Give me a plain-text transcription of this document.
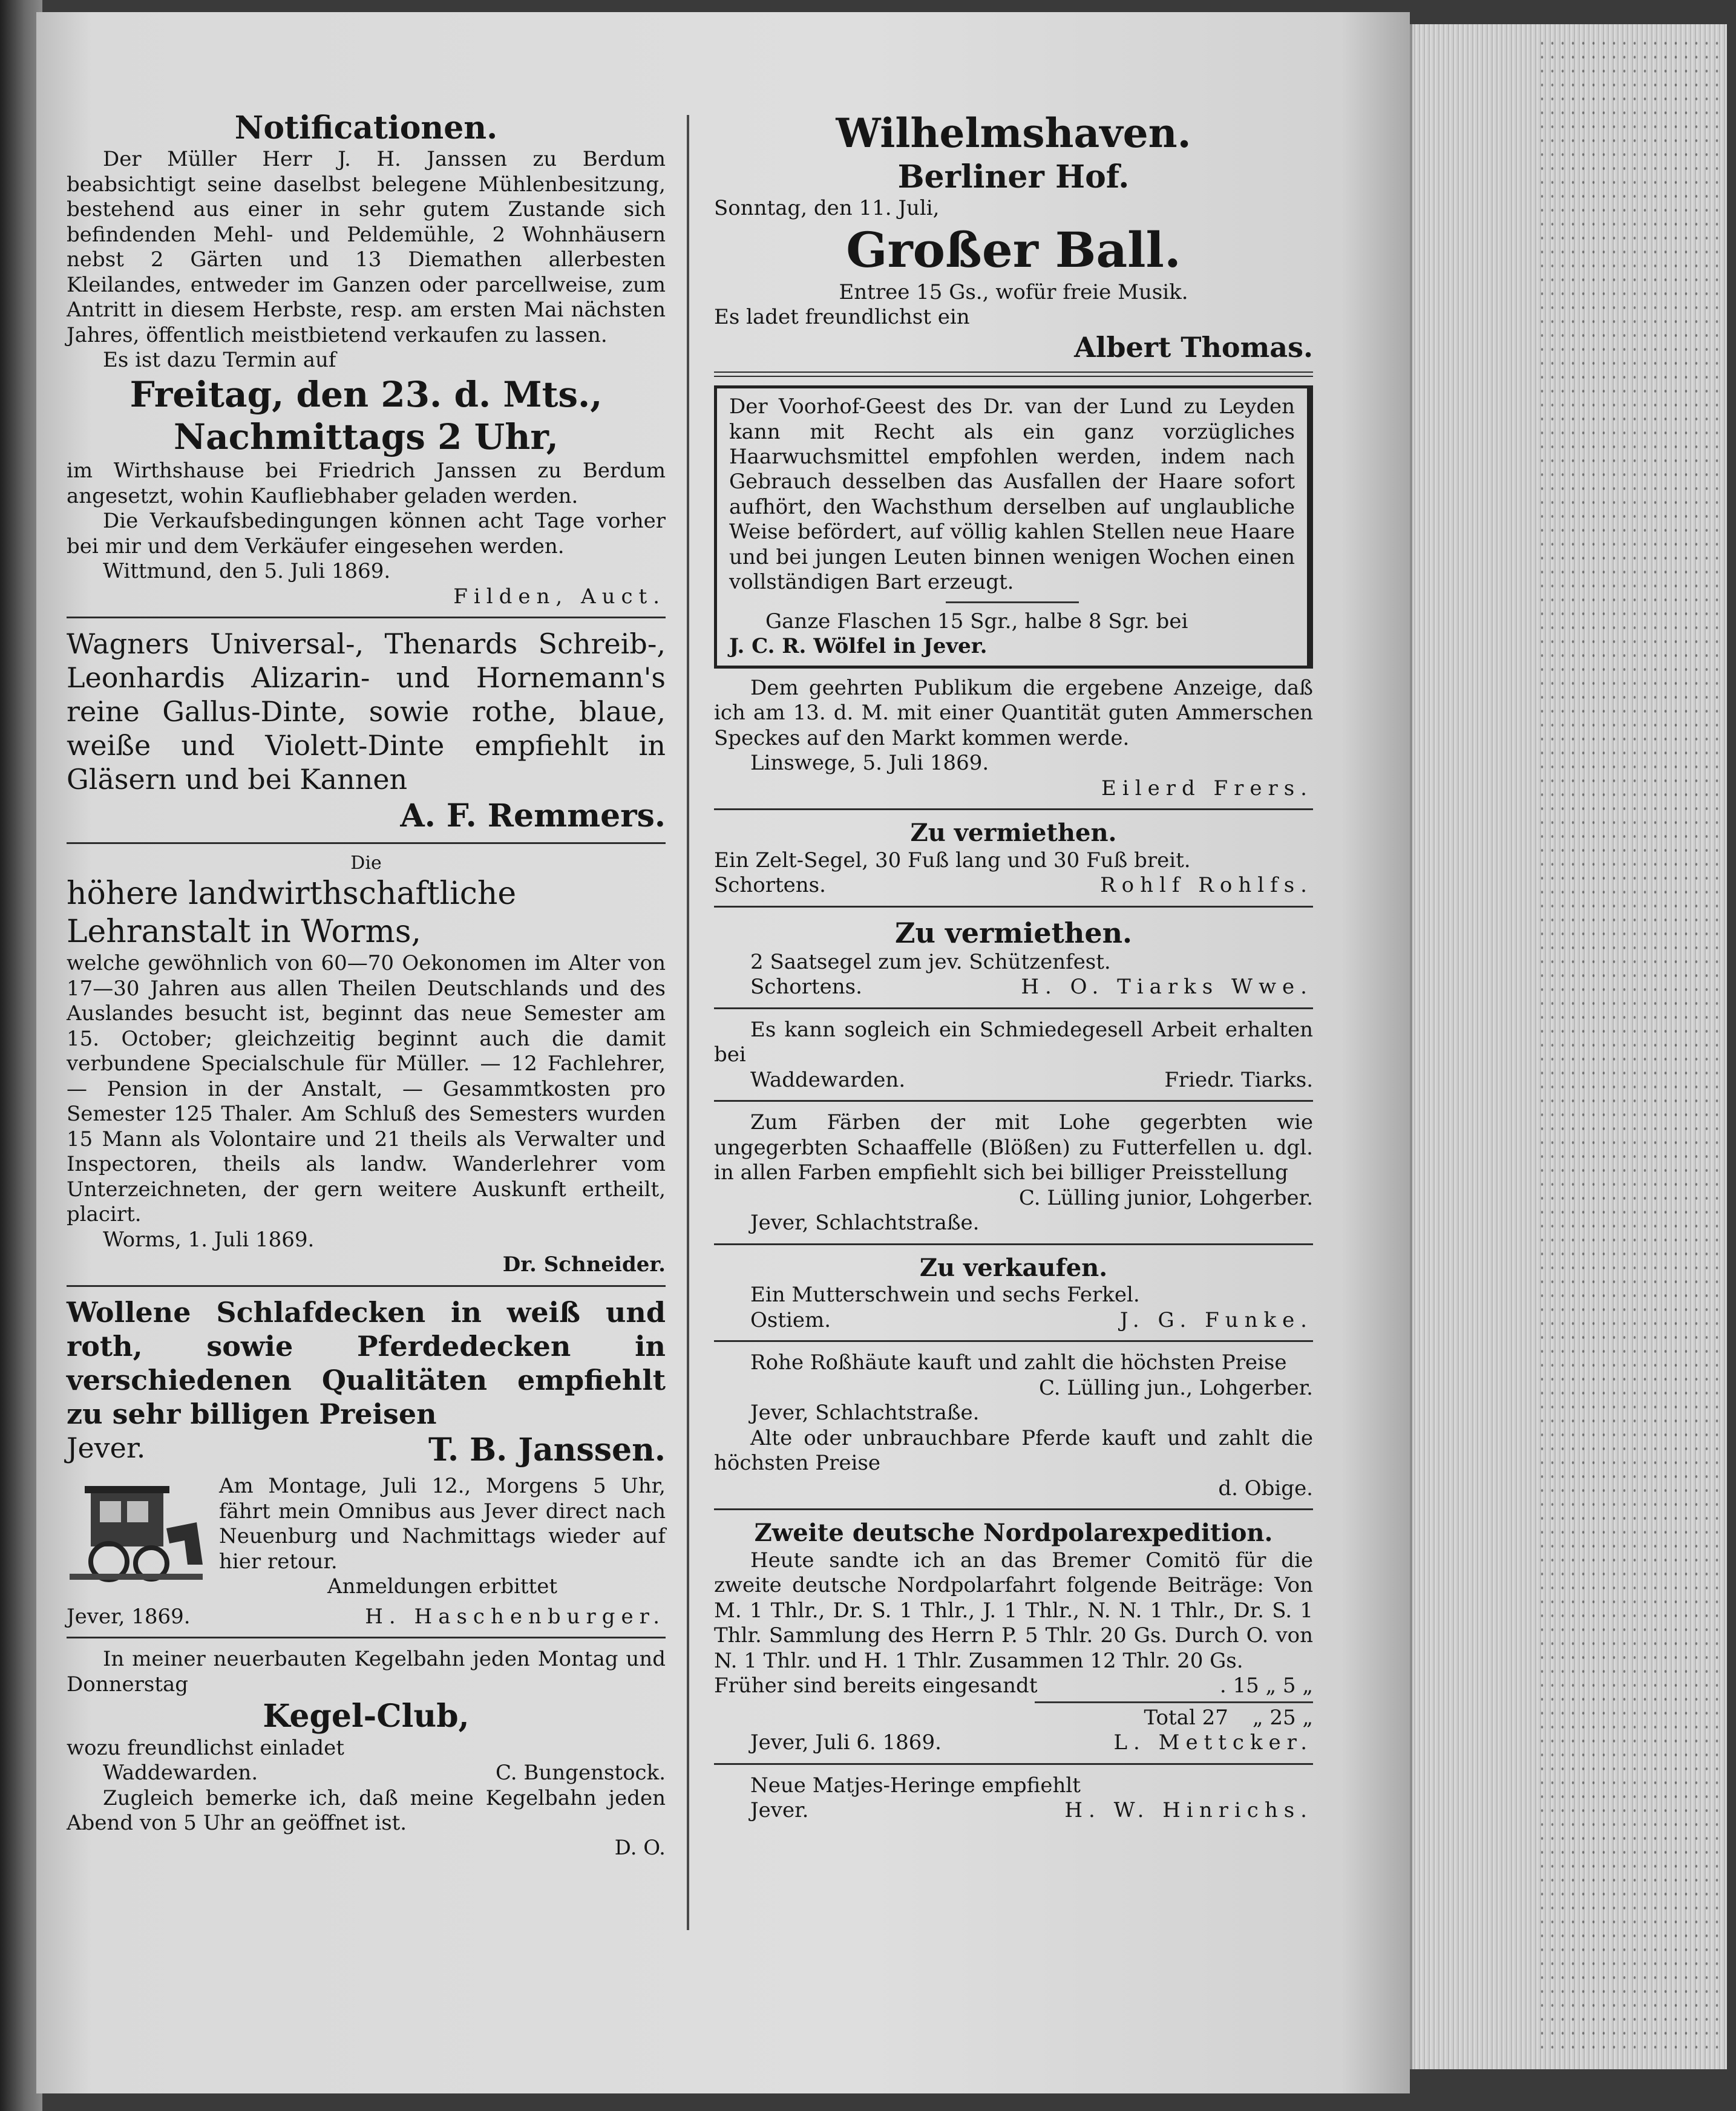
Notificationen.

Der Müller Herr J. H. Janssen zu Berdum beabsichtigt seine daselbst belegene Mühlenbesitzung, bestehend aus einer in sehr gutem Zustande sich befindenden Mehl- und Peldemühle, 2 Wohnhäusern nebst 2 Gärten und 13 Diemathen allerbesten Kleilandes, entweder im Ganzen oder parcellweise, zum Antritt in diesem Herbste, resp. am ersten Mai nächsten Jahres, öffentlich meistbietend verkaufen zu lassen.

Es ist dazu Termin auf

Freitag, den 23. d. Mts.,

Nachmittags 2 Uhr,

im Wirthshause bei Friedrich Janssen zu Berdum angesetzt, wohin Kaufliebhaber geladen werden.

Die Verkaufsbedingungen können acht Tage vorher bei mir und dem Verkäufer eingesehen werden.

Wittmund, den 5. Juli 1869.

Filden, Auct.

Wagners Universal-, Thenards Schreib-, Leonhardis Alizarin- und Hornemann's reine Gallus-Dinte, sowie rothe, blaue, weiße und Violett-Dinte empfiehlt in Gläsern und bei Kannen

A. F. Remmers.

Die

höhere landwirthschaftliche Lehranstalt in Worms,

welche gewöhnlich von 60—70 Oekonomen im Alter von 17—30 Jahren aus allen Theilen Deutschlands und des Auslandes besucht ist, beginnt das neue Semester am 15. October; gleichzeitig beginnt auch die damit verbundene Specialschule für Müller. — 12 Fachlehrer, — Pension in der Anstalt, — Gesammtkosten pro Semester 125 Thaler. Am Schluß des Semesters wurden 15 Mann als Volontaire und 21 theils als Verwalter und Inspectoren, theils als landw. Wanderlehrer vom Unterzeichneten, der gern weitere Auskunft ertheilt, placirt.

Worms, 1. Juli 1869.

Dr. Schneider.

Wollene Schlafdecken in weiß und roth, sowie Pferdedecken in verschiedenen Qualitäten empfiehlt zu sehr billigen Preisen

Jever.	T. B. Janssen.

Am Montage, Juli 12., Morgens 5 Uhr, fährt mein Omnibus aus Jever direct nach Neuenburg und Nachmittags wieder auf hier retour.

Anmeldungen erbittet

Jever, 1869.	H. Haschenburger.

In meiner neuerbauten Kegelbahn jeden Montag und Donnerstag

Kegel-Club,

wozu freundlichst einladet

Waddewarden.	C. Bungenstock.

Zugleich bemerke ich, daß meine Kegelbahn jeden Abend von 5 Uhr an geöffnet ist.

D. O.

Wilhelmshaven.

Berliner Hof.

Sonntag, den 11. Juli,

Großer Ball.

Entree 15 Gs., wofür freie Musik.

Es ladet freundlichst ein

Albert Thomas.

Der Voorhof-Geest des Dr. van der Lund zu Leyden kann mit Recht als ein ganz vorzügliches Haarwuchsmittel empfohlen werden, indem nach Gebrauch desselben das Ausfallen der Haare sofort aufhört, den Wachsthum derselben auf unglaubliche Weise befördert, auf völlig kahlen Stellen neue Haare und bei jungen Leuten binnen wenigen Wochen einen vollständigen Bart erzeugt.

Ganze Flaschen 15 Sgr., halbe 8 Sgr. bei

J. C. R. Wölfel in Jever.

Dem geehrten Publikum die ergebene Anzeige, daß ich am 13. d. M. mit einer Quantität guten Ammerschen Speckes auf den Markt kommen werde.

Linswege, 5. Juli 1869.

Eilerd Frers.

Zu vermiethen.

Ein Zelt-Segel, 30 Fuß lang und 30 Fuß breit.

Schortens.	Rohlf Rohlfs.

Zu vermiethen.

2 Saatsegel zum jev. Schützenfest.

Schortens.	H. O. Tiarks Wwe.

Es kann sogleich ein Schmiedegesell Arbeit erhalten bei

Waddewarden.	Friedr. Tiarks.

Zum Färben der mit Lohe gegerbten wie ungegerbten Schaaffelle (Blößen) zu Futterfellen u. dgl. in allen Farben empfiehlt sich bei billiger Preisstellung

C. Lülling junior, Lohgerber.

Jever, Schlachtstraße.

Zu verkaufen.

Ein Mutterschwein und sechs Ferkel.

Ostiem.	J. G. Funke.

Rohe Roßhäute kauft und zahlt die höchsten Preise

C. Lülling jun., Lohgerber.

Jever, Schlachtstraße.

Alte oder unbrauchbare Pferde kauft und zahlt die höchsten Preise

d. Obige.

Zweite deutsche Nordpolarexpedition.

Heute sandte ich an das Bremer Comitö für die zweite deutsche Nordpolarfahrt folgende Beiträge: Von M. 1 Thlr., Dr. S. 1 Thlr., J. 1 Thlr., N. N. 1 Thlr., Dr. S. 1 Thlr. Sammlung des Herrn P. 5 Thlr. 20 Gs. Durch O. von N. 1 Thlr. und H. 1 Thlr. Zusammen 12 Thlr. 20 Gs.

Früher sind bereits eingesandt	. 15 „ 5 „

Total 27 „ 25 „

Jever, Juli 6. 1869.	L. Mettcker.

Neue Matjes-Heringe empfiehlt

Jever.	H. W. Hinrichs.
